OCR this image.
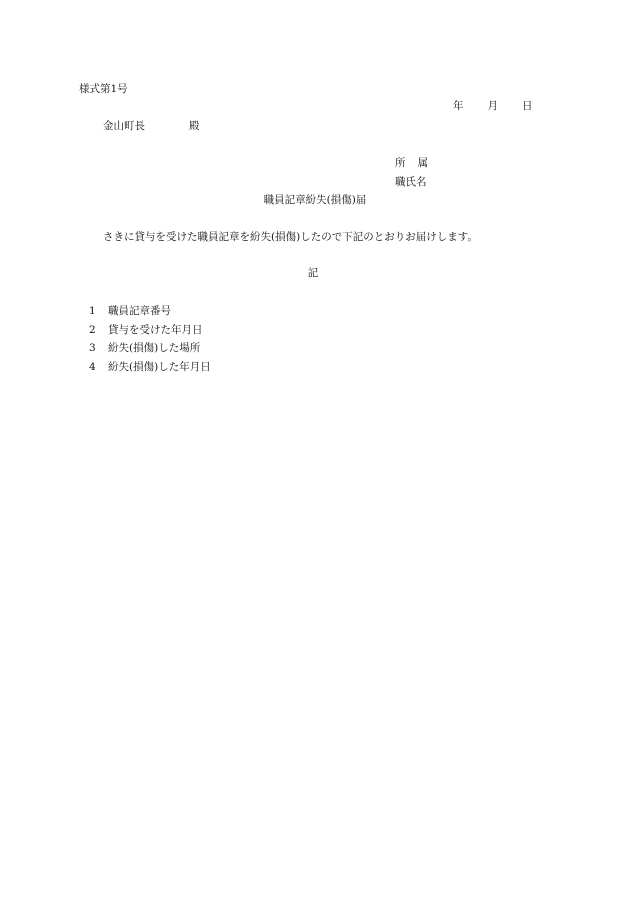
様式第1号
年 月 日
金山町長	殿
所 属
職氏名
職員記章紛失(損傷)届
さきに貸与を受けた職員記章を紛失(損傷)したので下記のとおりお届けします。
記
1 職員記章番号
2 貸与を受けた年月日
3 紛失(損傷)した場所
4 紛失(損傷)した年月日
